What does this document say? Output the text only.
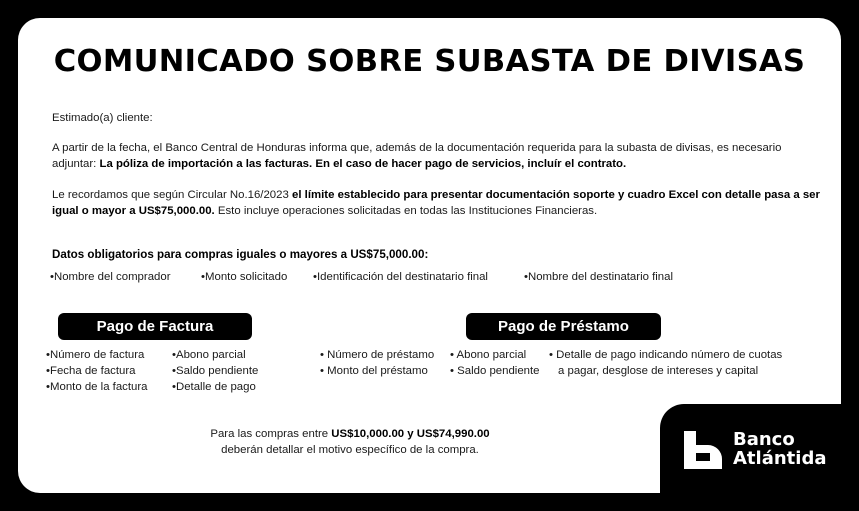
COMUNICADO SOBRE SUBASTA DE DIVISAS
Estimado(a) cliente:
A partir de la fecha, el Banco Central de Honduras informa que, además de la documentación requerida para la subasta de divisas, es necesario adjuntar: La póliza de importación a las facturas. En el caso de hacer pago de servicios, incluír el contrato.
Le recordamos que según Circular No.16/2023 el límite establecido para presentar documentación soporte y cuadro Excel con detalle pasa a ser igual o mayor a US$75,000.00. Esto incluye operaciones solicitadas en todas las Instituciones Financieras.
Datos obligatorios para compras iguales o mayores a US$75,000.00:
•Nombre del comprador	•Monto solicitado •Identificación del destinatario final	•Nombre del destinatario final
Pago de Factura	Pago de Préstamo
•Número de factura
•Fecha de factura
•Monto de la factura
•Abono parcial
•Saldo pendiente
•Detalle de pago
• Número de préstamo
• Monto del préstamo
• Abono parcial
• Saldo pendiente
• Detalle de pago indicando número de cuotas
a pagar, desglose de intereses y capital
Para las compras entre US$10,000.00 y US$74,990.00
deberán detallar el motivo específico de la compra.	Banco
Atlántida
